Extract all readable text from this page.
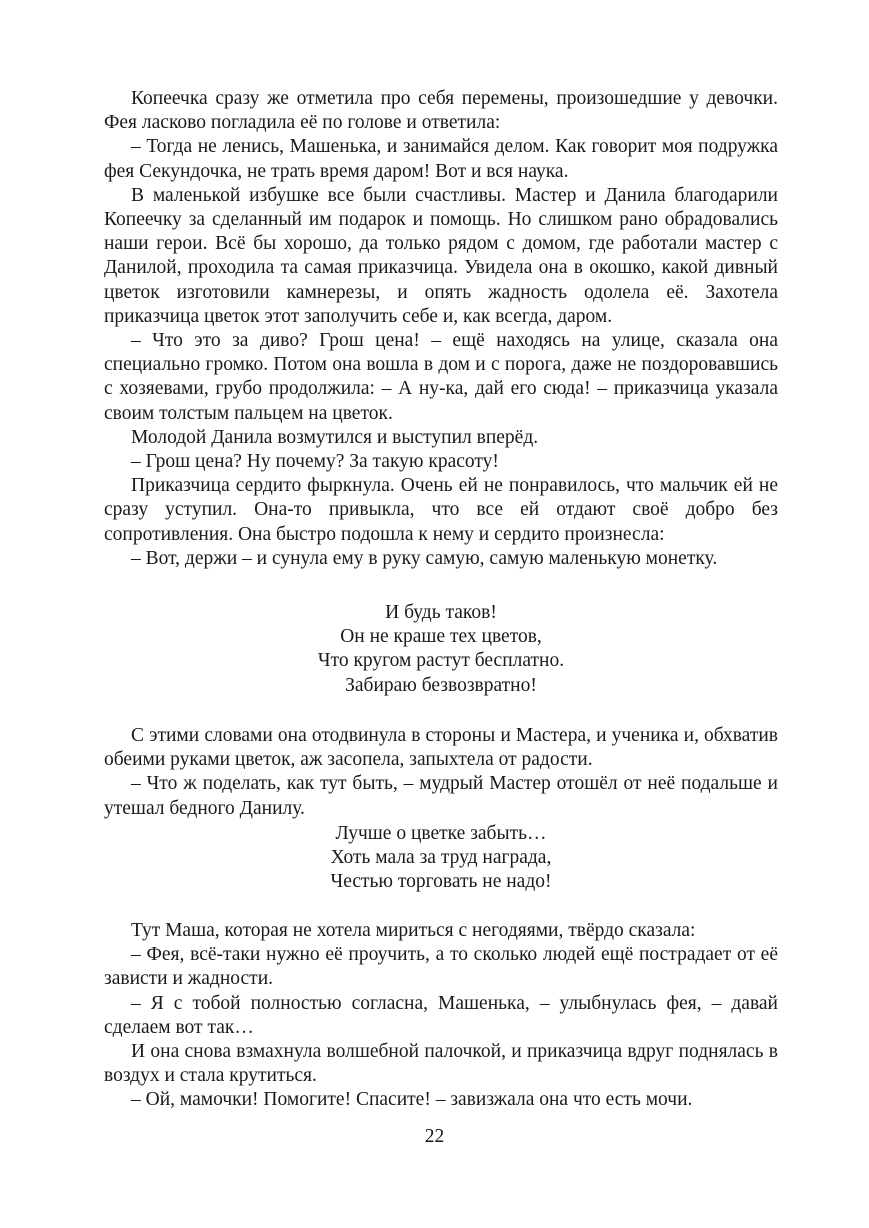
Копеечка сразу же отметила про себя перемены, произошедшие у девочки. Фея ласково погладила её по голове и ответила:

– Тогда не ленись, Машенька, и занимайся делом. Как говорит моя подружка фея Секундочка, не трать время даром! Вот и вся наука.

В маленькой избушке все были счастливы. Мастер и Данила благодарили Копеечку за сделанный им подарок и помощь. Но слишком рано обрадовались наши герои. Всё бы хорошо, да только рядом с домом, где работали мастер с Данилой, проходила та самая приказчица. Увидела она в окошко, какой дивный цветок изготовили камнерезы, и опять жадность одолела её. Захотела приказчица цветок этот заполучить себе и, как всегда, даром.

– Что это за диво? Грош цена! – ещё находясь на улице, сказала она специально громко. Потом она вошла в дом и с порога, даже не поздоровавшись с хозяевами, грубо продолжила: – А ну-ка, дай его сюда! – приказчица указала своим толстым пальцем на цветок.

Молодой Данила возмутился и выступил вперёд.

– Грош цена? Ну почему? За такую красоту!

Приказчица сердито фыркнула. Очень ей не понравилось, что мальчик ей не сразу уступил. Она-то привыкла, что все ей отдают своё добро без сопротивления. Она быстро подошла к нему и сердито произнесла:

– Вот, держи – и сунула ему в руку самую, самую маленькую монетку.

И будь таков!
Он не краше тех цветов,
Что кругом растут бесплатно.
Забираю безвозвратно!

С этими словами она отодвинула в стороны и Мастера, и ученика и, обхватив обеими руками цветок, аж засопела, запыхтела от радости.

– Что ж поделать, как тут быть, – мудрый Мастер отошёл от неё подальше и утешал бедного Данилу.

Лучше о цветке забыть…
Хоть мала за труд награда,
Честью торговать не надо!

Тут Маша, которая не хотела мириться с негодяями, твёрдо сказала:

– Фея, всё-таки нужно её проучить, а то сколько людей ещё пострадает от её зависти и жадности.

– Я с тобой полностью согласна, Машенька, – улыбнулась фея, – давай сделаем вот так…

И она снова взмахнула волшебной палочкой, и приказчица вдруг поднялась в воздух и стала крутиться.

– Ой, мамочки! Помогите! Спасите! – завизжала она что есть мочи.

22
